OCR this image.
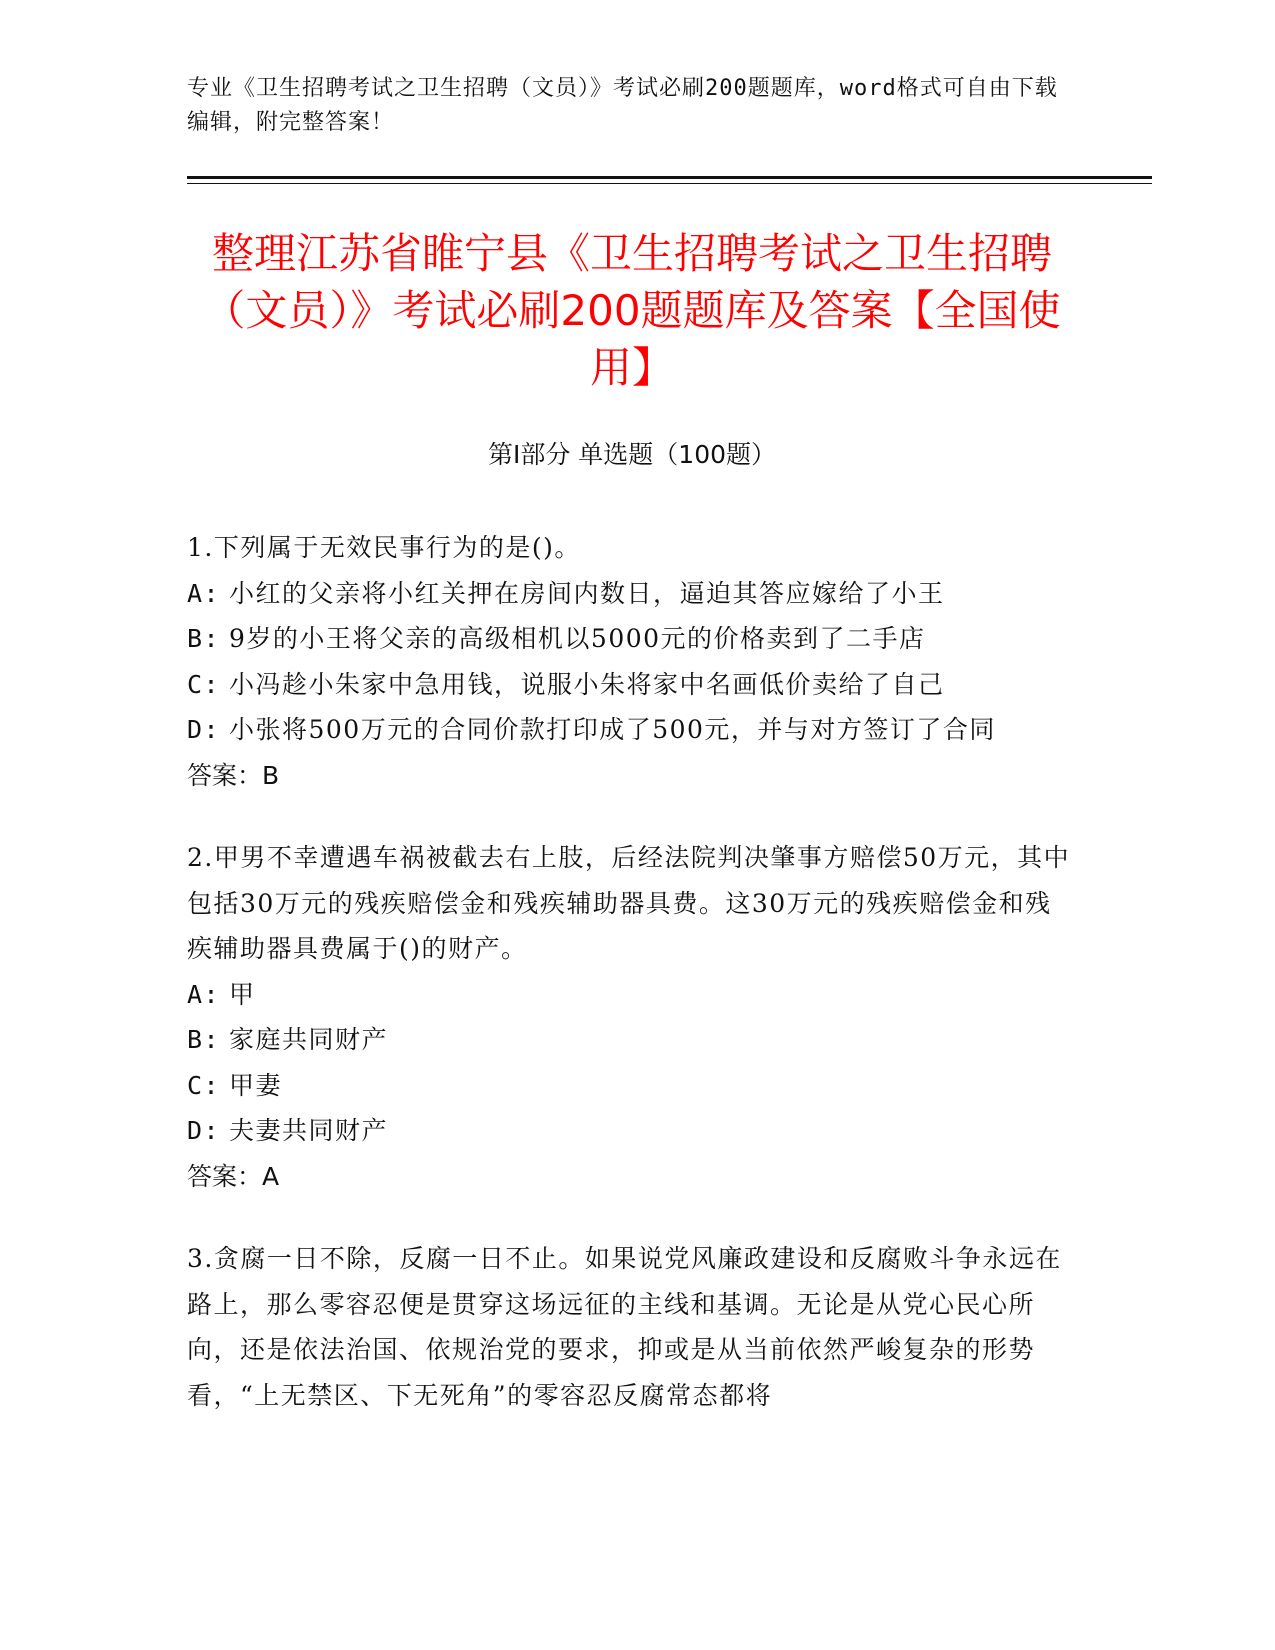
专业《卫生招聘考试之卫生招聘（文员）》考试必刷200题题库，word格式可自由下载编辑，附完整答案！
整理江苏省睢宁县《卫生招聘考试之卫生招聘（文员）》考试必刷200题题库及答案【全国使用】
第Ⅰ部分 单选题（100题）
1.下列属于无效民事行为的是()。
A: 小红的父亲将小红关押在房间内数日，逼迫其答应嫁给了小王
B: 9岁的小王将父亲的高级相机以5000元的价格卖到了二手店
C: 小冯趁小朱家中急用钱，说服小朱将家中名画低价卖给了自己
D: 小张将500万元的合同价款打印成了500元，并与对方签订了合同
答案：B
2.甲男不幸遭遇车祸被截去右上肢，后经法院判决肇事方赔偿50万元，其中包括30万元的残疾赔偿金和残疾辅助器具费。这30万元的残疾赔偿金和残疾辅助器具费属于()的财产。
A: 甲
B: 家庭共同财产
C: 甲妻
D: 夫妻共同财产
答案：A
3.贪腐一日不除，反腐一日不止。如果说党风廉政建设和反腐败斗争永远在路上，那么零容忍便是贯穿这场远征的主线和基调。无论是从党心民心所向，还是依法治国、依规治党的要求，抑或是从当前依然严峻复杂的形势看，“上无禁区、下无死角”的零容忍反腐常态都将
